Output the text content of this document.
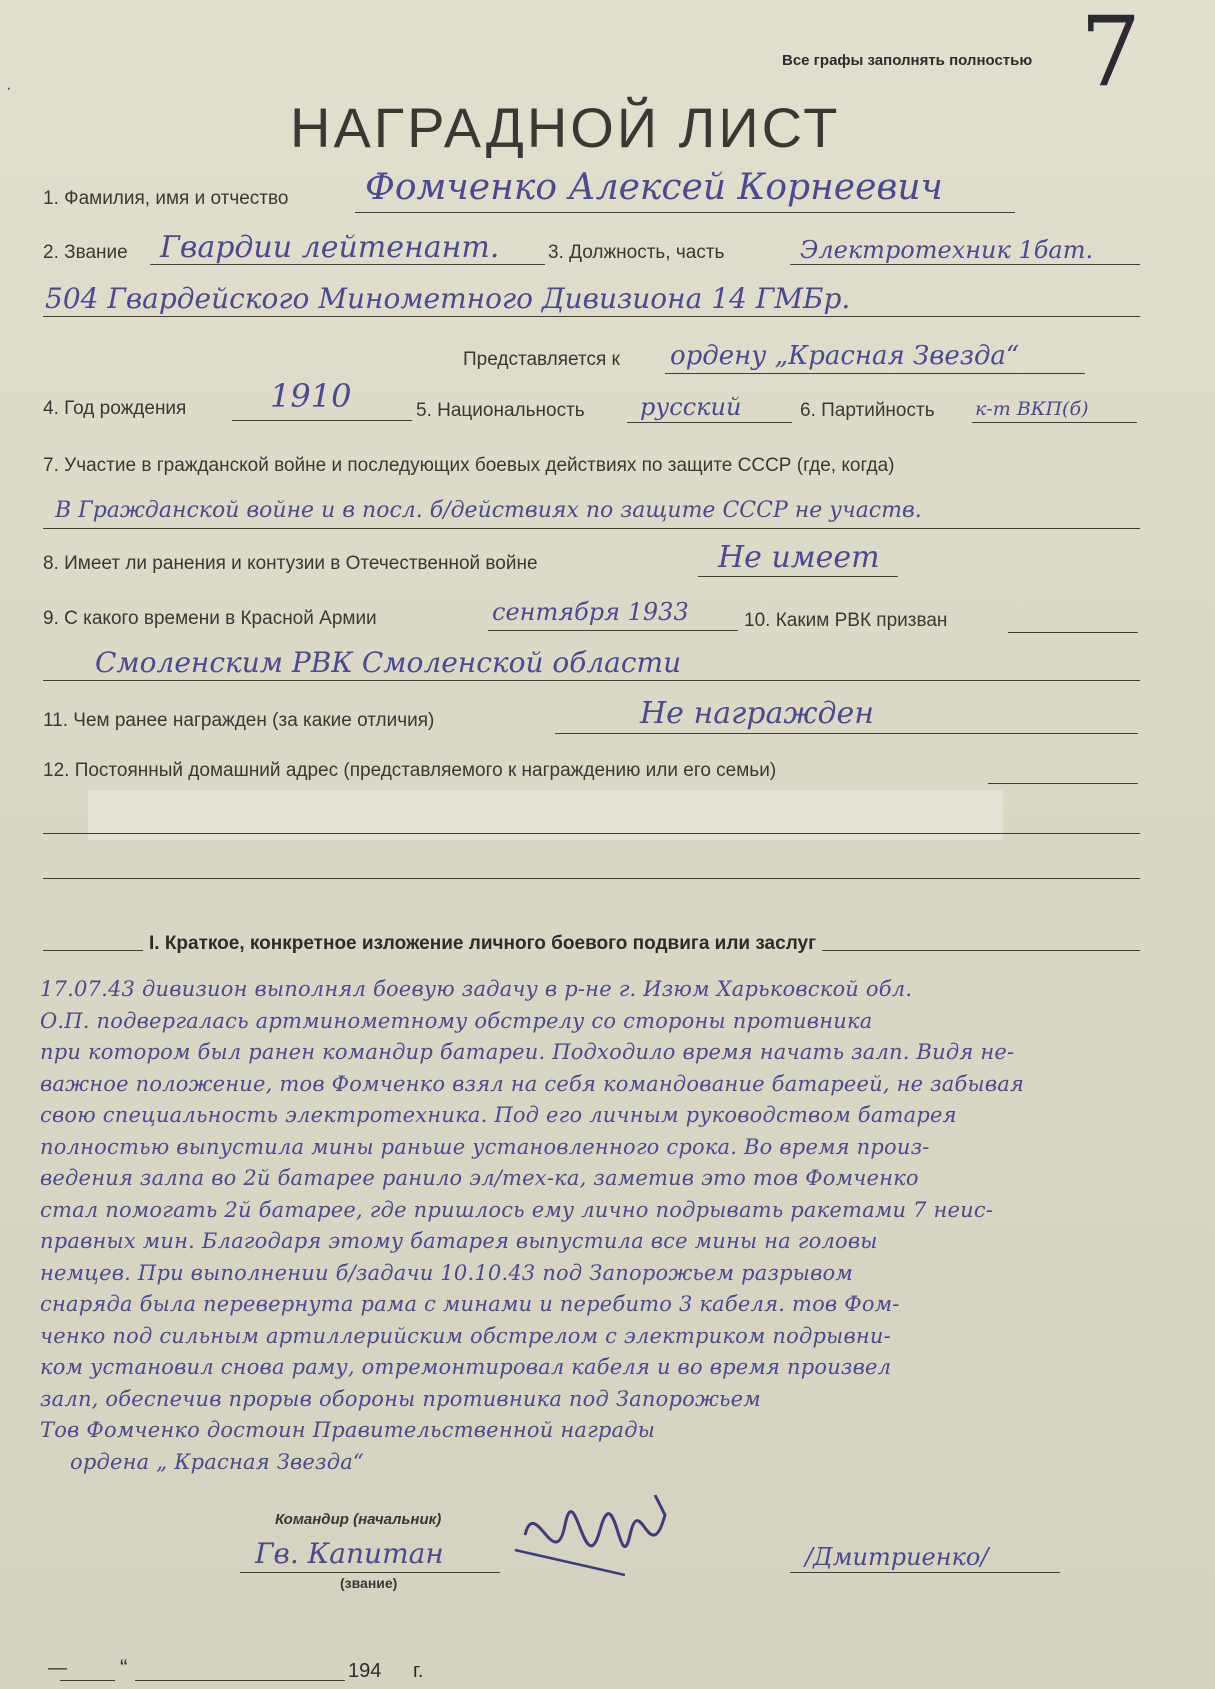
·
Все графы заполнять полностью 7
НАГРАДНОЙ ЛИСТ
1. Фамилия, имя и отчество Фомченко Алексей Корнеевич
2. Звание Гвардии лейтенант.	3. Должность, часть	Электротехник 1бат.
504 Гвардейского Минометного Дивизиона 14 ГМБр.
Представляется к ордену „Красная Звезда“
4. Год рождения	1910	5. Национальность русский	6. Партийность к-т ВКП(б)
7. Участие в гражданской войне и последующих боевых действиях по защите СССР (где, когда)
В Гражданской войне и в посл. б/действиях по защите СССР не участв.
8. Имеет ли ранения и контузии в Отечественной войне	Не имеет
9. С какого времени в Красной Армии	сентября 1933	10. Каким РВК призван
Смоленским РВК Смоленской области
11. Чем ранее награжден (за какие отличия)	Не награжден
12. Постоянный домашний адрес (представляемого к награждению или его семьи)
I. Краткое, конкретное изложение личного боевого подвига или заслуг
17.07.43 дивизион выполнял боевую задачу в р-не г. Изюм Харьковской обл.
О.П. подвергалась артминометному обстрелу со стороны противника
при котором был ранен командир батареи. Подходило время начать залп. Видя не-
важное положение, тов Фомченко взял на себя командование батареей, не забывая
свою специальность электротехника. Под его личным руководством батарея
полностью выпустила мины раньше установленного срока. Во время произ-
ведения залпа во 2й батарее ранило эл/тех-ка, заметив это тов Фомченко
стал помогать 2й батарее, где пришлось ему лично подрывать ракетами 7 неис-
правных мин. Благодаря этому батарея выпустила все мины на головы
немцев. При выполнении б/задачи 10.10.43 под Запорожьем разрывом
снаряда была перевернута рама с минами и перебито 3 кабеля. тов Фом-
ченко под сильным артиллерийским обстрелом с электриком подрывни-
ком установил снова раму, отремонтировал кабеля и во время произвел
залп, обеспечив прорыв обороны противника под Запорожьем
Тов Фомченко достоин Правительственной награды
ордена „ Красная Звезда“
Командир (начальник)
Гв. Капитан
(звание)
/Дмитриенко/
— “	194 г.
